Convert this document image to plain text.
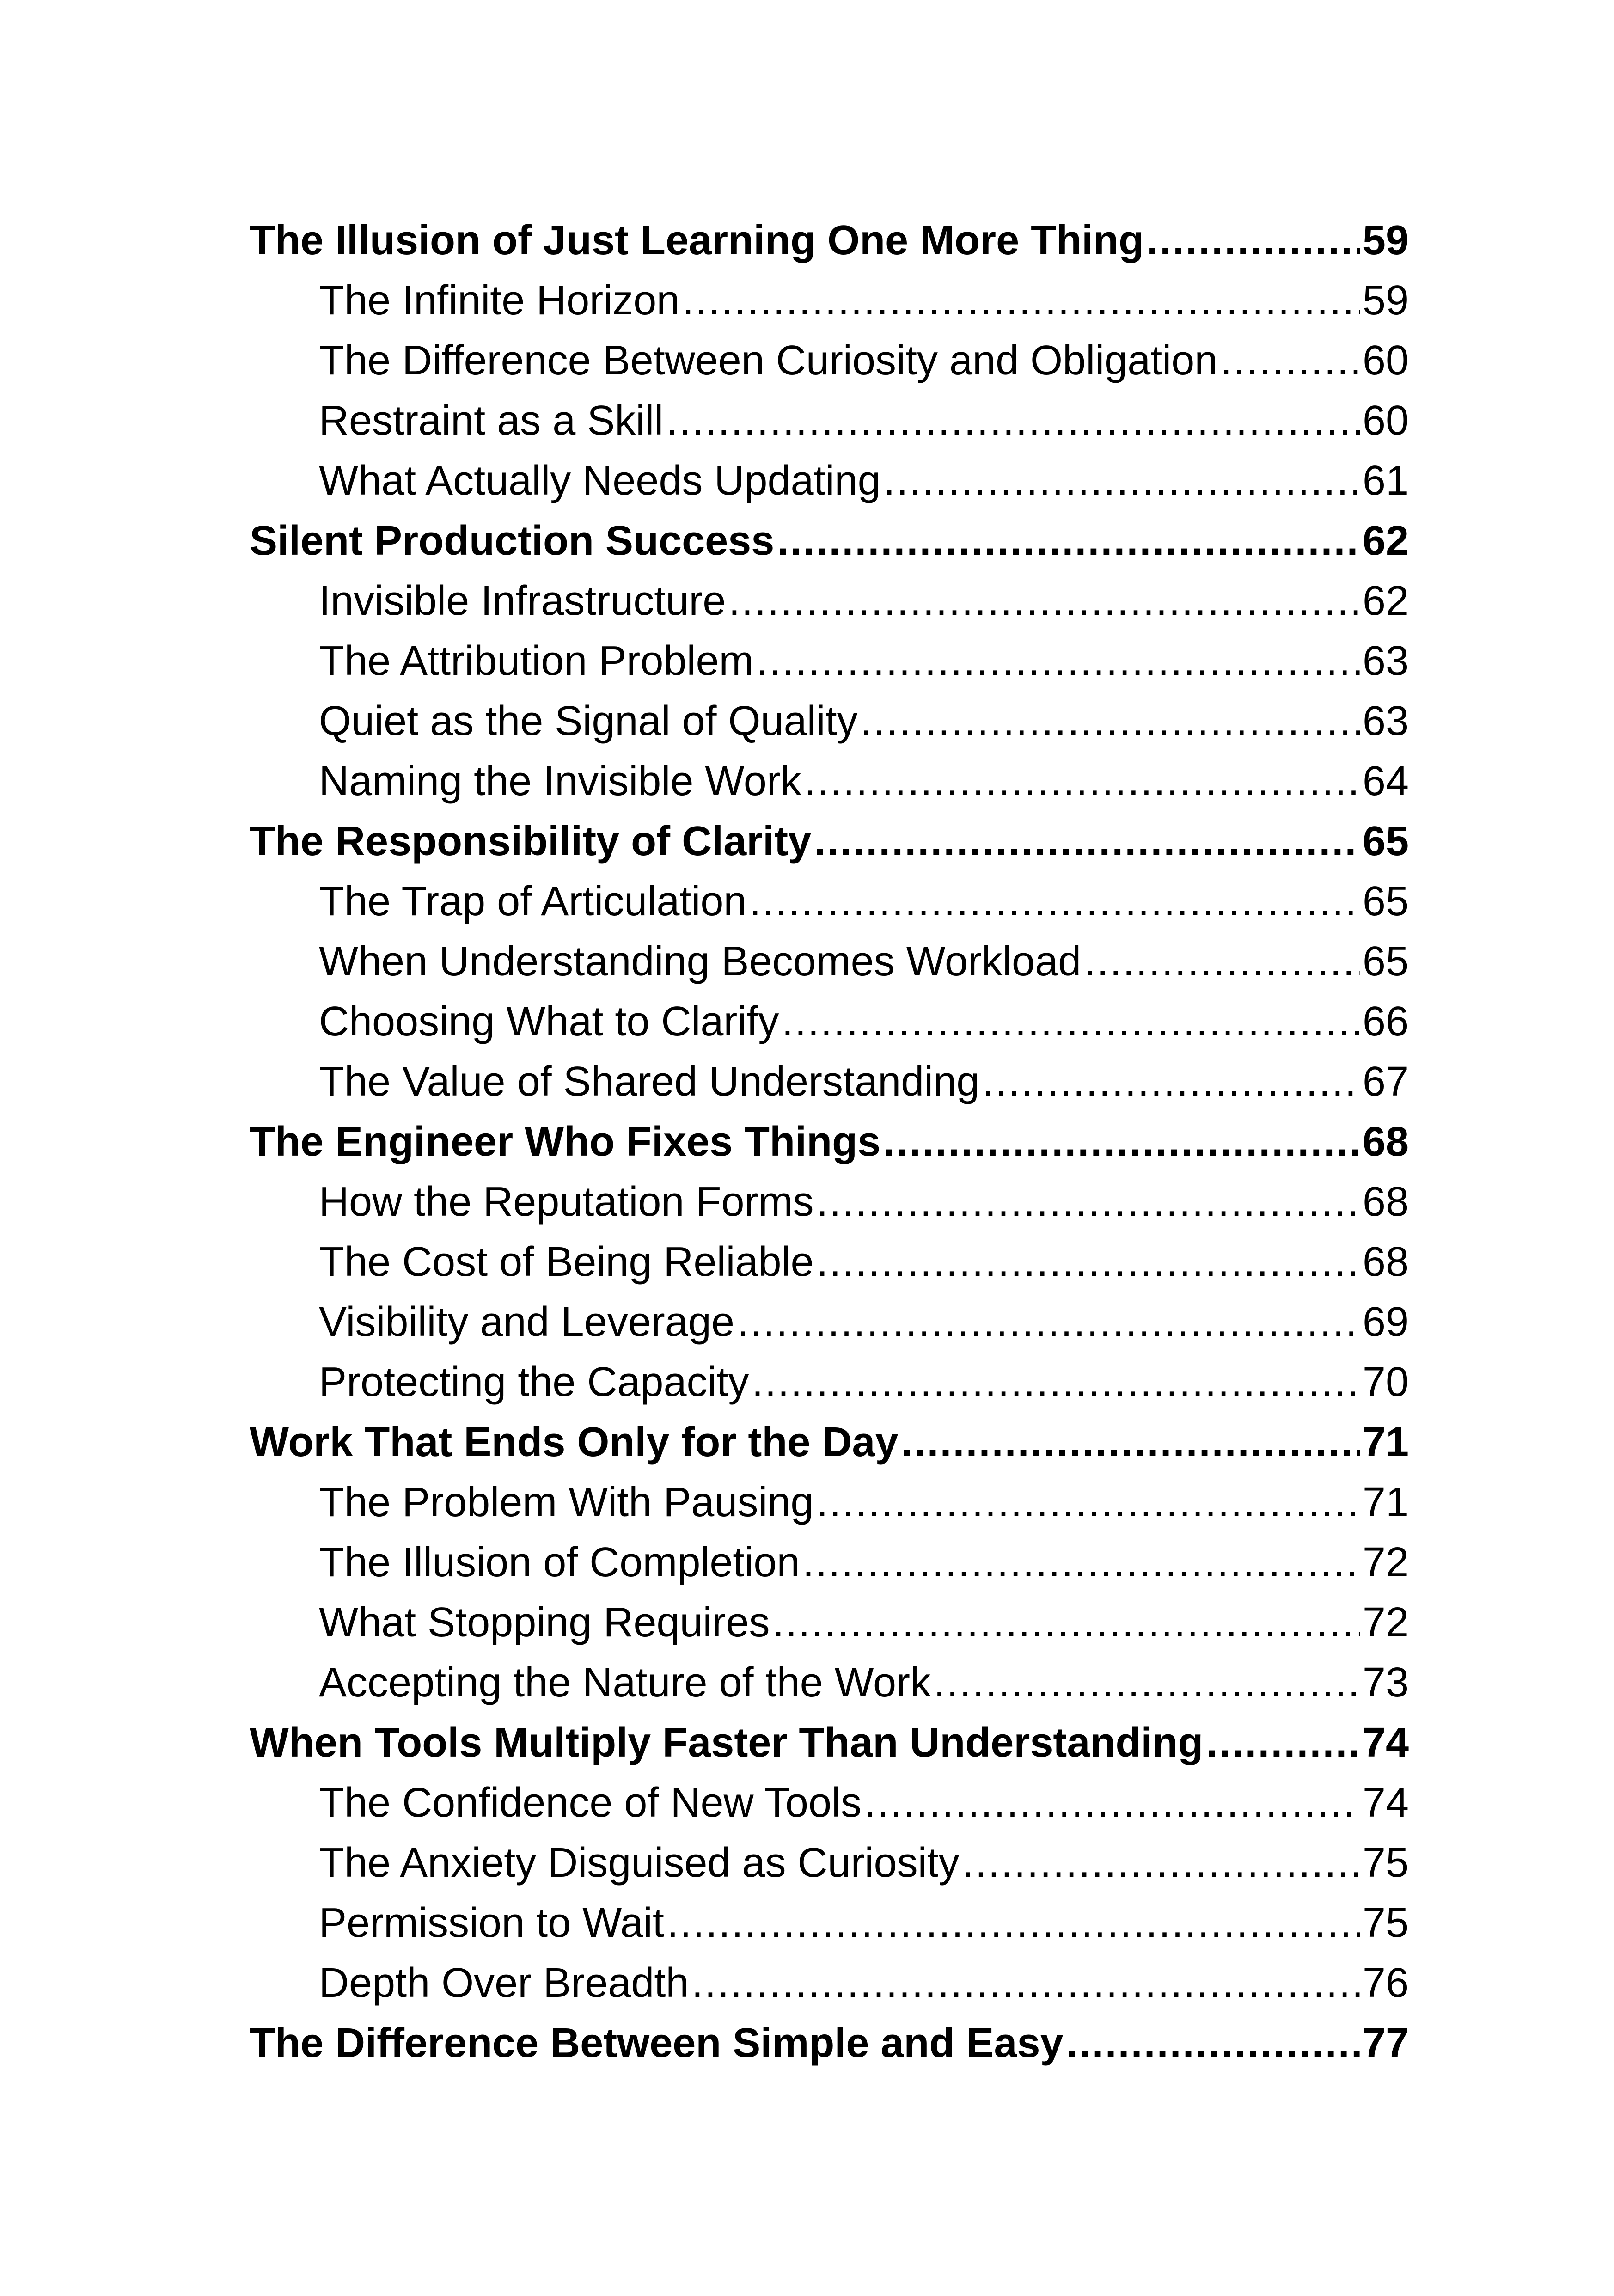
The Illusion of Just Learning One More Thing .....	59
The Infinite Horizon .....	59
The Difference Between Curiosity and Obligation .....	60
Restraint as a Skill .....	60
What Actually Needs Updating .....	61
Silent Production Success .....	62
Invisible Infrastructure .....	62
The Attribution Problem .....	63
Quiet as the Signal of Quality .....	63
Naming the Invisible Work .....	64
The Responsibility of Clarity .....	65
The Trap of Articulation .....	65
When Understanding Becomes Workload .....	65
Choosing What to Clarify .....	66
The Value of Shared Understanding .....	67
The Engineer Who Fixes Things .....	68
How the Reputation Forms .....	68
The Cost of Being Reliable .....	68
Visibility and Leverage .....	69
Protecting the Capacity .....	70
Work That Ends Only for the Day .....	71
The Problem With Pausing .....	71
The Illusion of Completion .....	72
What Stopping Requires .....	72
Accepting the Nature of the Work .....	73
When Tools Multiply Faster Than Understanding .....	74
The Confidence of New Tools .....	74
The Anxiety Disguised as Curiosity .....	75
Permission to Wait .....	75
Depth Over Breadth .....	76
The Difference Between Simple and Easy .....	77
